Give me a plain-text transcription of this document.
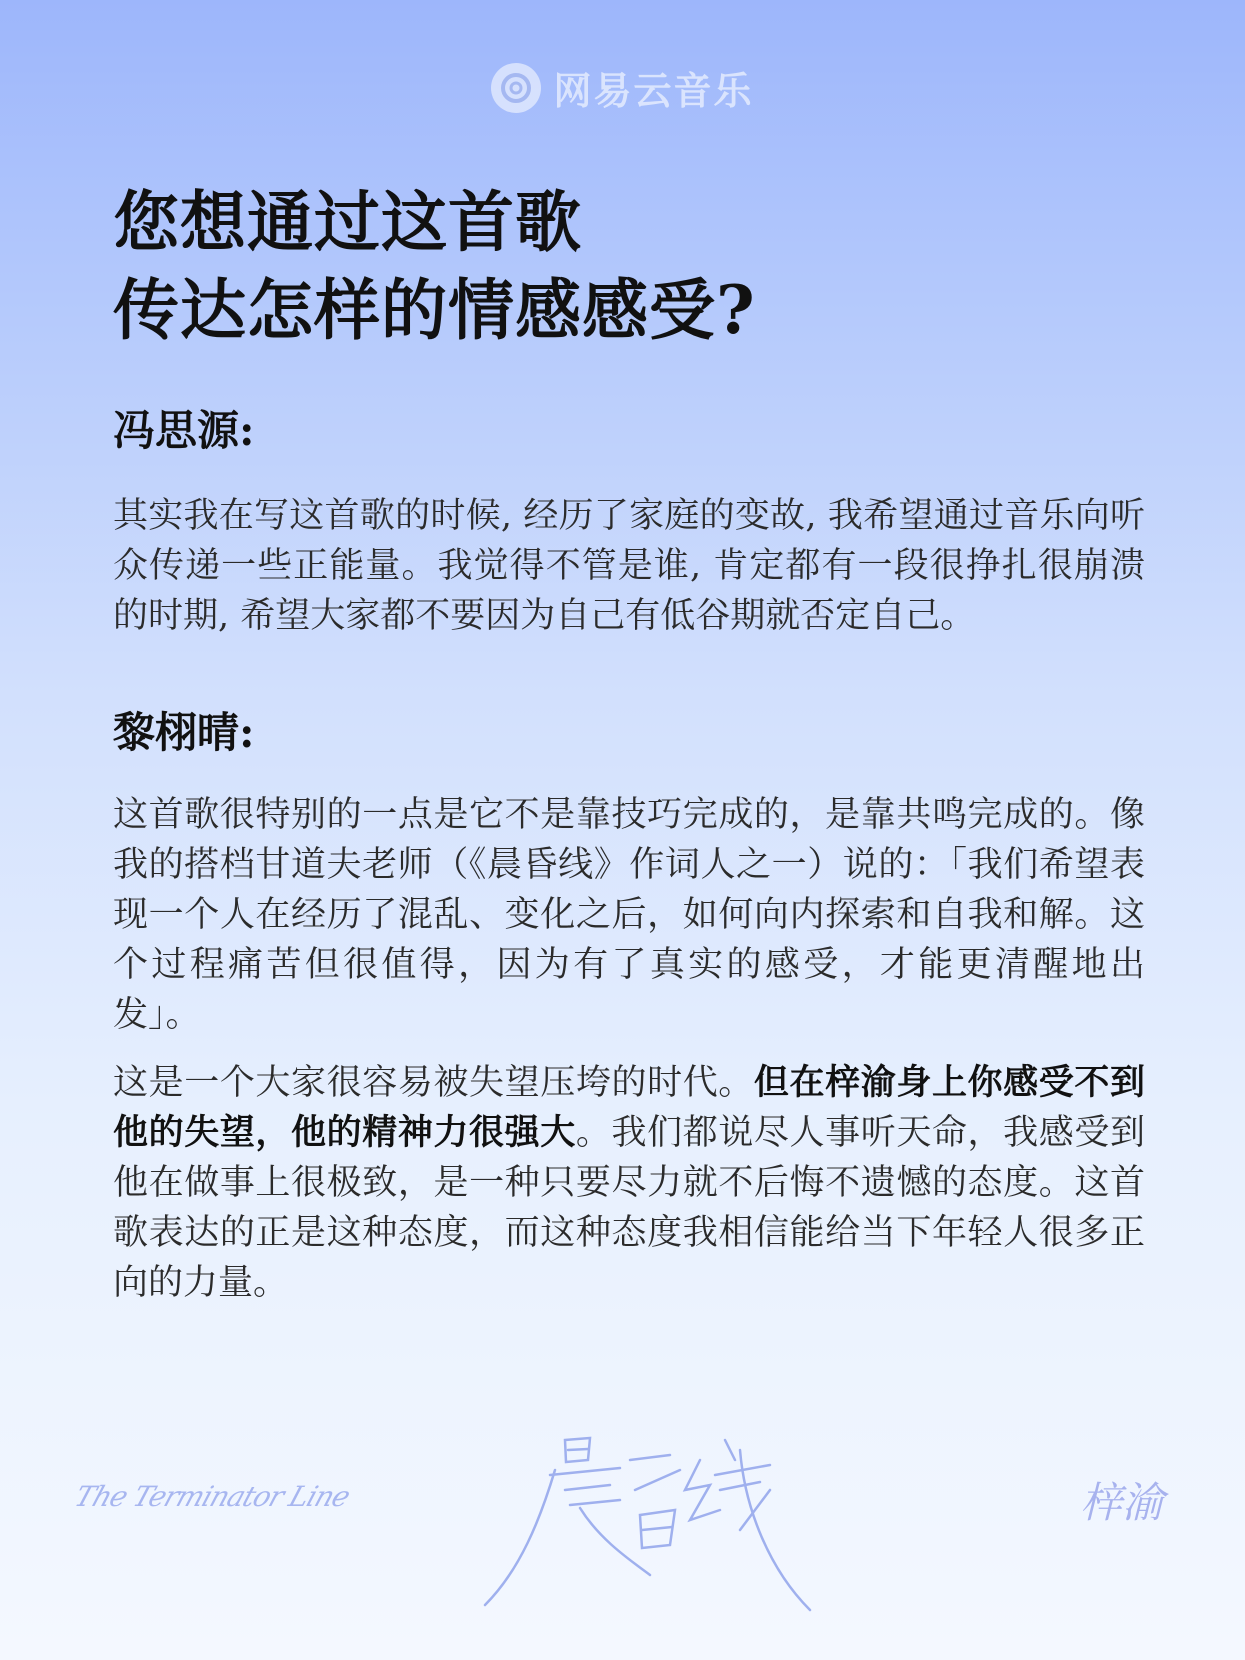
网易云音乐
您想通过这首歌
传达怎样的情感感受?
冯思源:

其实我在写这首歌的时候, 经历了家庭的变故, 我希望通过音乐向听众传递一些正能量。我觉得不管是谁, 肯定都有一段很挣扎很崩溃的时期, 希望大家都不要因为自己有低谷期就否定自己。

黎栩晴:

这首歌很特别的一点是它不是靠技巧完成的，是靠共鸣完成的。像我的搭档甘道夫老师（《晨昏线》作词人之一）说的：「我们希望表现一个人在经历了混乱、变化之后，如何向内探索和自我和解。这个过程痛苦但很值得，因为有了真实的感受，才能更清醒地出发」。

这是一个大家很容易被失望压垮的时代。但在梓渝身上你感受不到他的失望，他的精神力很强大。我们都说尽人事听天命，我感受到他在做事上很极致，是一种只要尽力就不后悔不遗憾的态度。这首歌表达的正是这种态度，而这种态度我相信能给当下年轻人很多正向的力量。

The Terminator Line	梓渝
